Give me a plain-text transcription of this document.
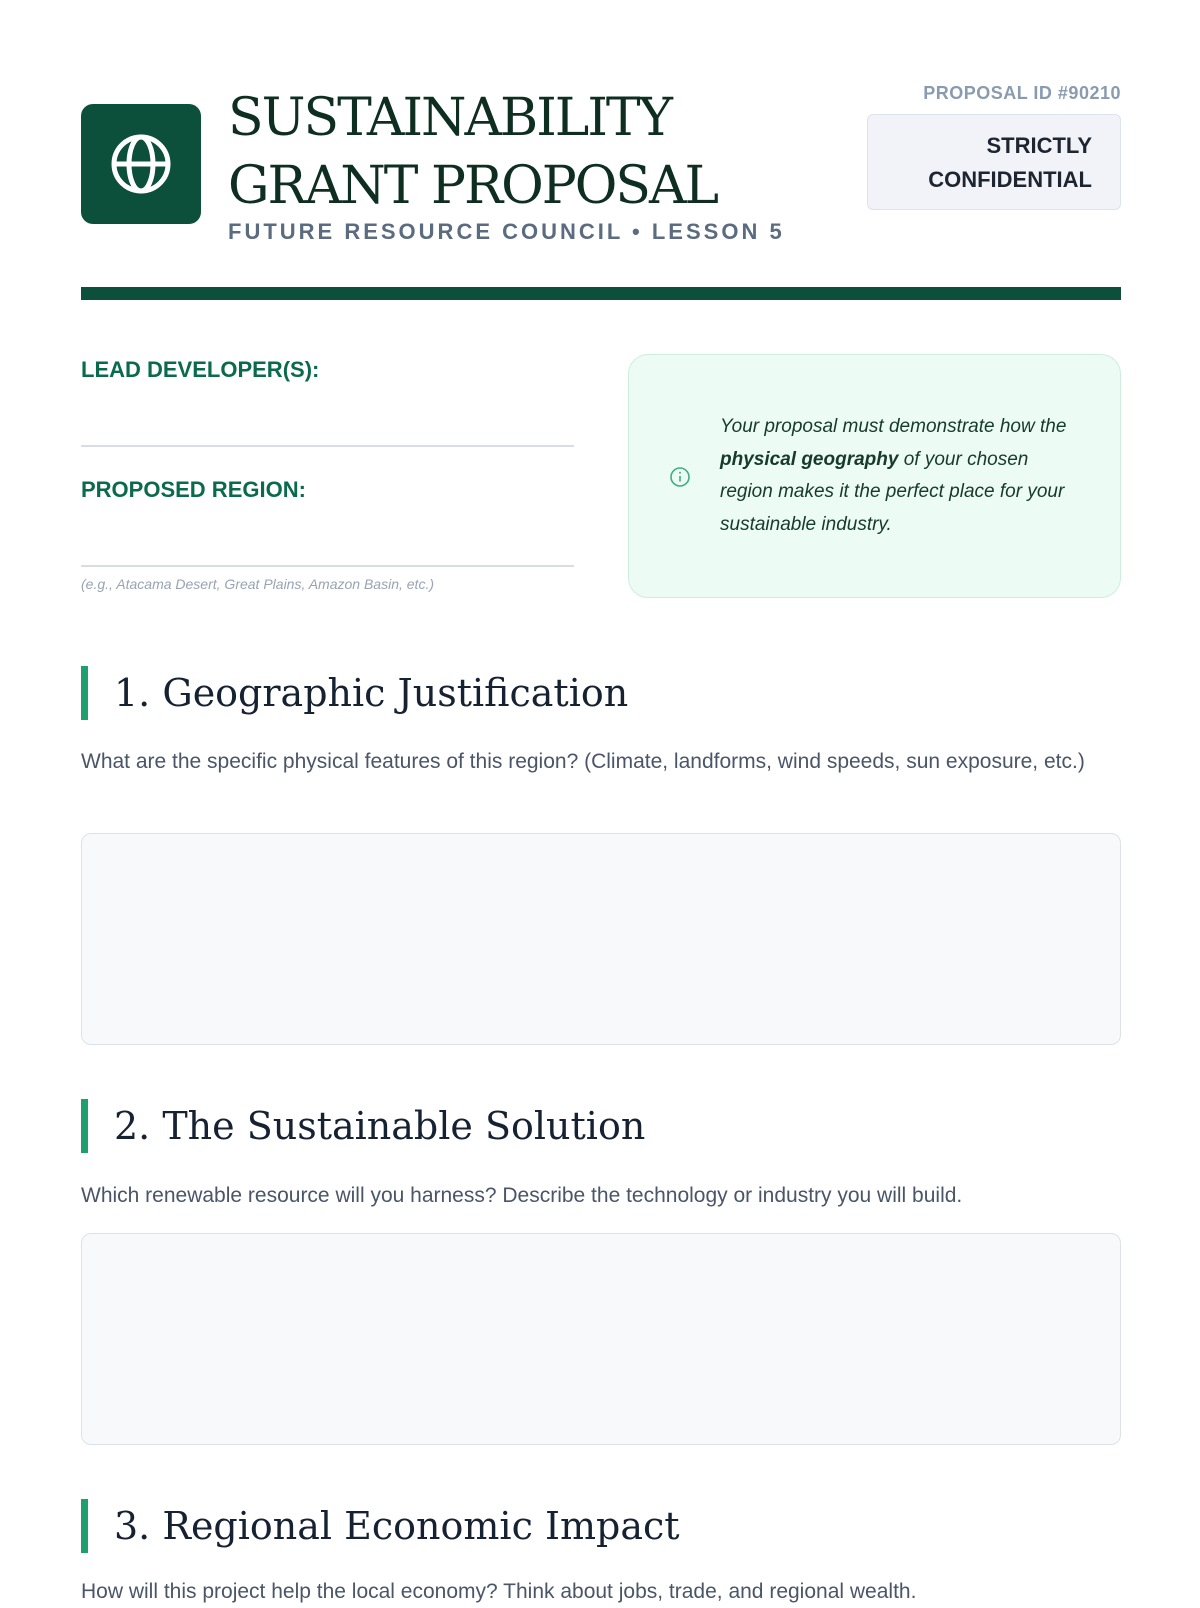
SUSTAINABILITY GRANT PROPOSAL
FUTURE RESOURCE COUNCIL • LESSON 5
PROPOSAL ID #90210
STRICTLY CONFIDENTIAL
LEAD DEVELOPER(S):
PROPOSED REGION:
(e.g., Atacama Desert, Great Plains, Amazon Basin, etc.)
Your proposal must demonstrate how the physical geography of your chosen region makes it the perfect place for your sustainable industry.
1. Geographic Justification

What are the specific physical features of this region? (Climate, landforms, wind speeds, sun exposure, etc.)

2. The Sustainable Solution

Which renewable resource will you harness? Describe the technology or industry you will build.

3. Regional Economic Impact

How will this project help the local economy? Think about jobs, trade, and regional wealth.
